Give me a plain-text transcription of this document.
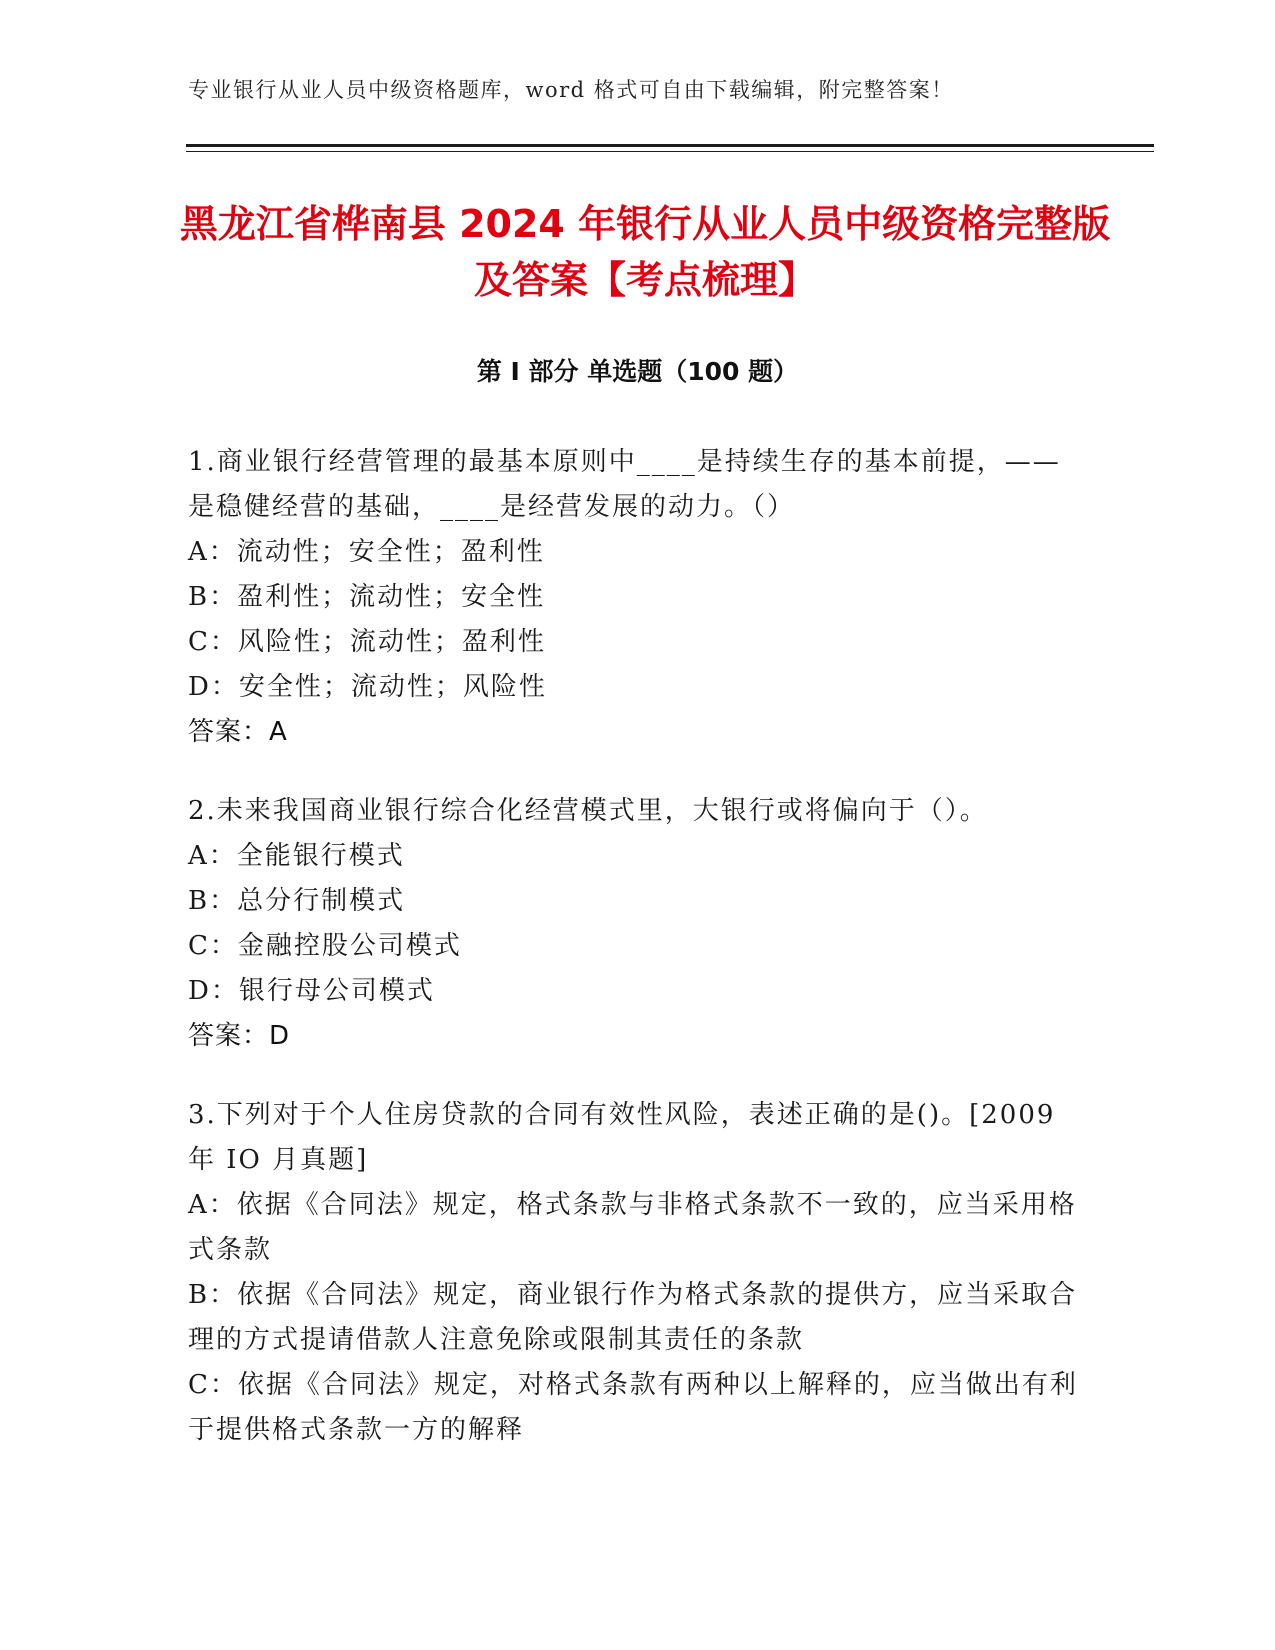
专业银行从业人员中级资格题库，word 格式可自由下载编辑，附完整答案！
黑龙江省桦南县 2024 年银行从业人员中级资格完整版及答案【考点梳理】
第 I 部分 单选题（100 题）

1.商业银行经营管理的最基本原则中____是持续生存的基本前提，——是稳健经营的基础，____是经营发展的动力。（）

A：流动性；安全性；盈利性

B：盈利性；流动性；安全性

C：风险性；流动性；盈利性

D：安全性；流动性；风险性

答案：A

2.未来我国商业银行综合化经营模式里，大银行或将偏向于（）。

A：全能银行模式

B：总分行制模式

C：金融控股公司模式

D：银行母公司模式

答案：D

3.下列对于个人住房贷款的合同有效性风险，表述正确的是()。[2009 年 IO 月真题]

A：依据《合同法》规定，格式条款与非格式条款不一致的，应当采用格式条款

B：依据《合同法》规定，商业银行作为格式条款的提供方，应当采取合理的方式提请借款人注意免除或限制其责任的条款

C：依据《合同法》规定，对格式条款有两种以上解释的，应当做出有利于提供格式条款一方的解释
